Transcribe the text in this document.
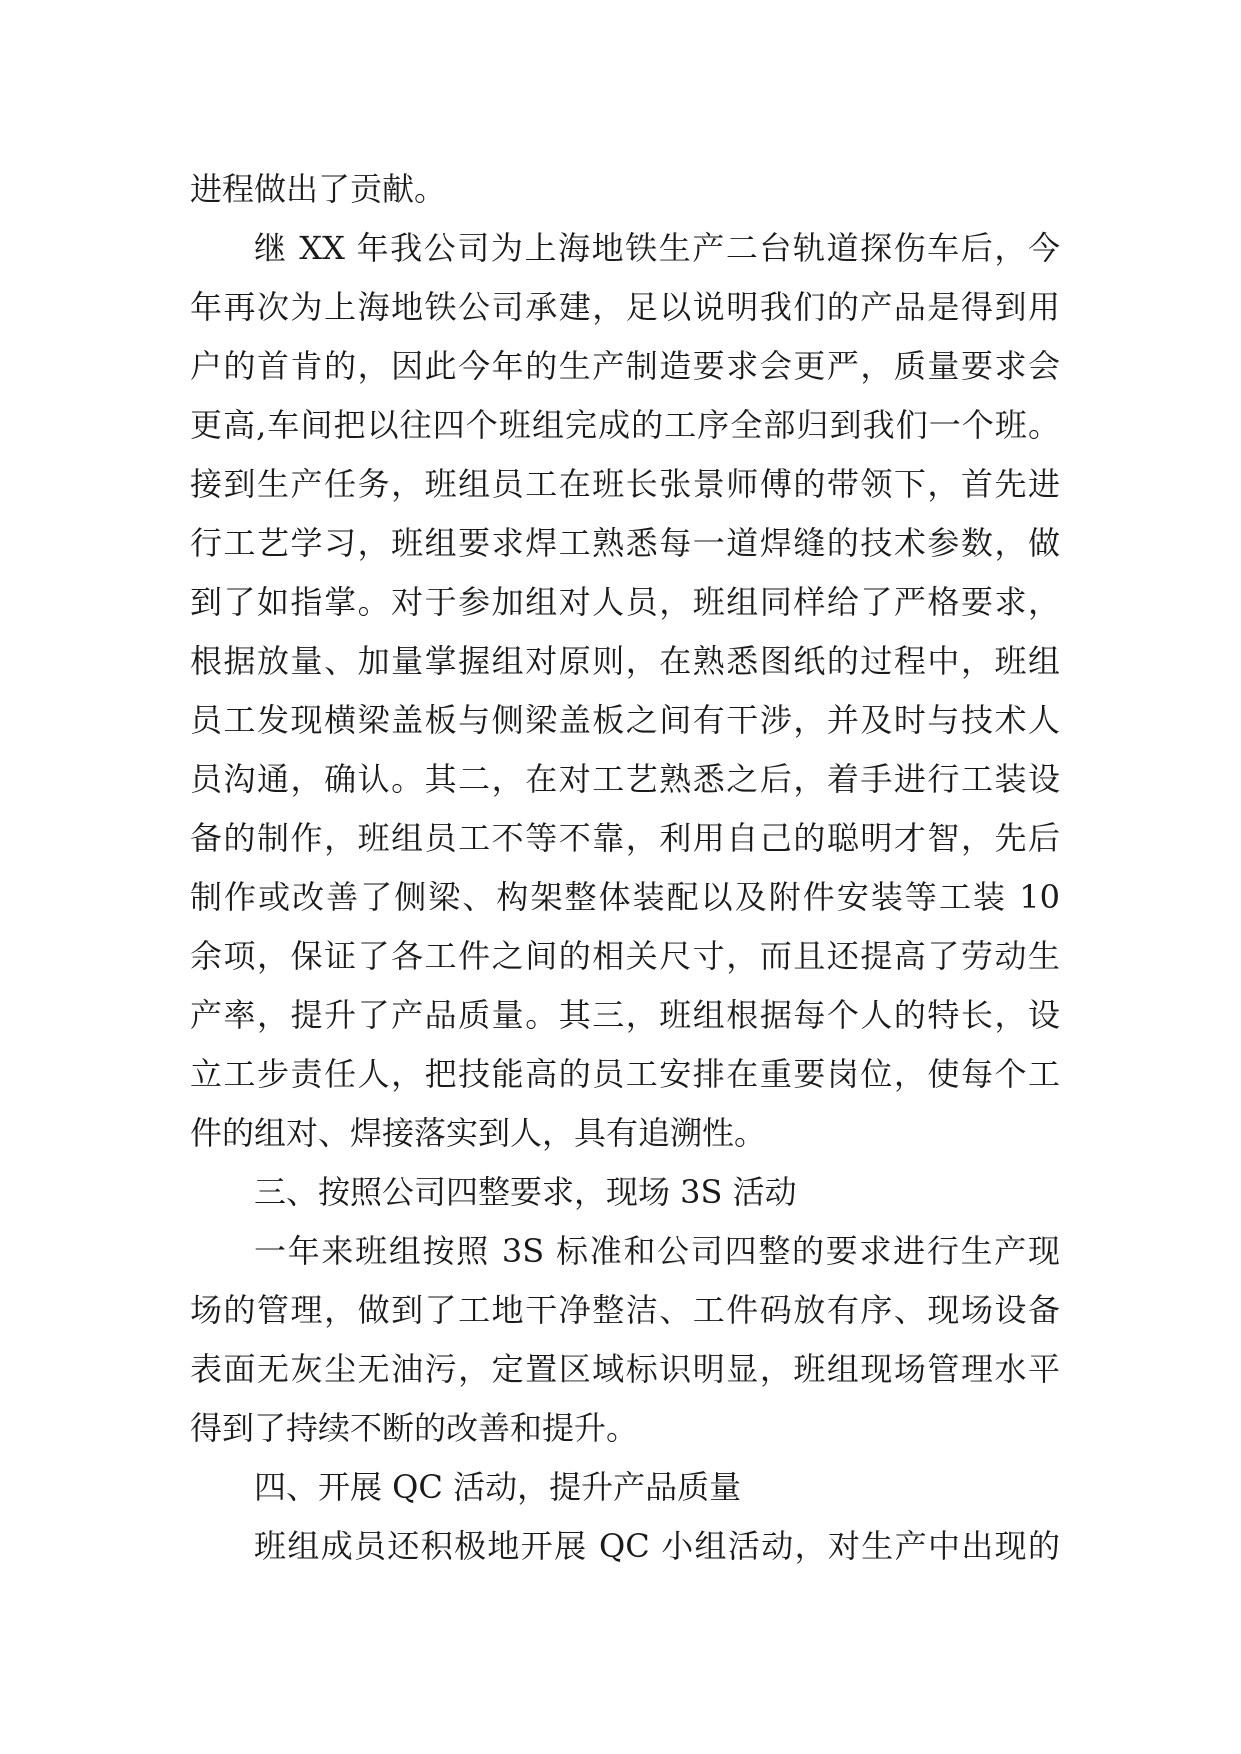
进程做出了贡献。
继 XX 年我公司为上海地铁生产二台轨道探伤车后，今
年再次为上海地铁公司承建，足以说明我们的产品是得到用
户的首肯的，因此今年的生产制造要求会更严，质量要求会
更高,车间把以往四个班组完成的工序全部归到我们一个班。
接到生产任务，班组员工在班长张景师傅的带领下，首先进
行工艺学习，班组要求焊工熟悉每一道焊缝的技术参数，做
到了如指掌。对于参加组对人员，班组同样给了严格要求，
根据放量、加量掌握组对原则，在熟悉图纸的过程中，班组
员工发现横梁盖板与侧梁盖板之间有干涉，并及时与技术人
员沟通，确认。其二，在对工艺熟悉之后，着手进行工装设
备的制作，班组员工不等不靠，利用自己的聪明才智，先后
制作或改善了侧梁、构架整体装配以及附件安装等工装 10
余项，保证了各工件之间的相关尺寸，而且还提高了劳动生
产率，提升了产品质量。其三，班组根据每个人的特长，设
立工步责任人，把技能高的员工安排在重要岗位，使每个工
件的组对、焊接落实到人，具有追溯性。
三、按照公司四整要求，现场 3S 活动
一年来班组按照 3S 标准和公司四整的要求进行生产现
场的管理，做到了工地干净整洁、工件码放有序、现场设备
表面无灰尘无油污，定置区域标识明显，班组现场管理水平
得到了持续不断的改善和提升。
四、开展 QC 活动，提升产品质量
班组成员还积极地开展 QC 小组活动，对生产中出现的
